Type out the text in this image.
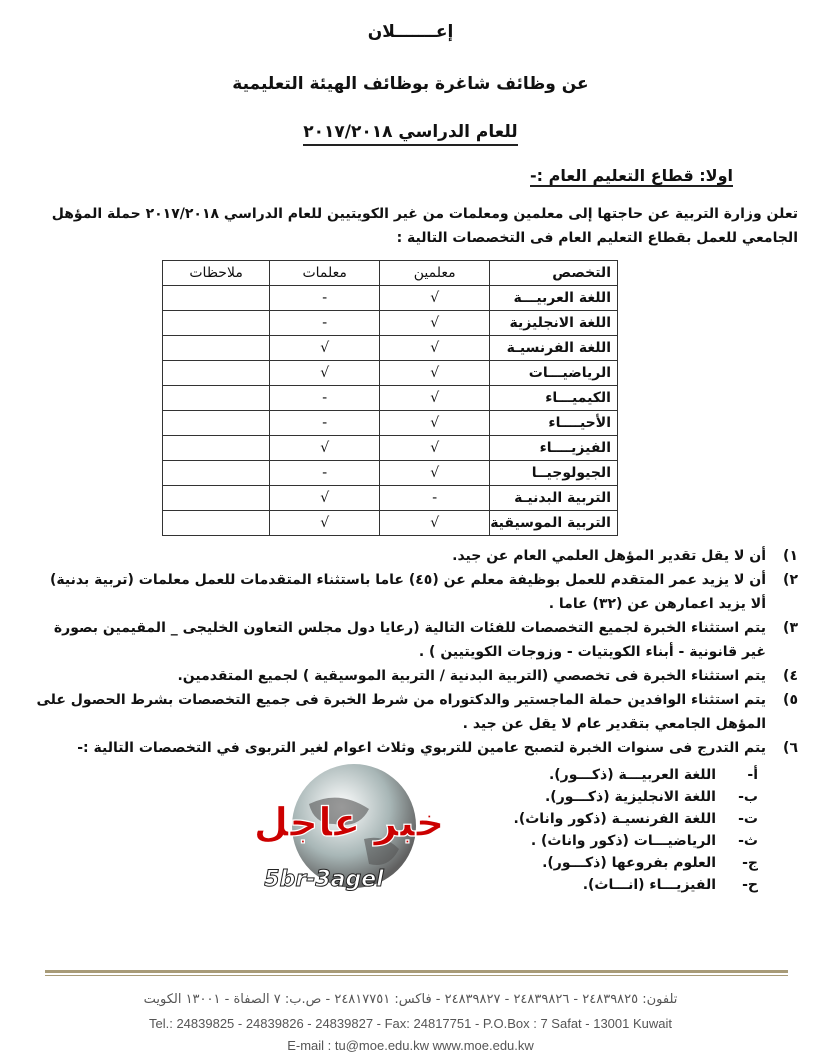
إعـــــــلان
عن وظائف شاغرة بوظائف الهيئة التعليمية
للعام الدراسي ٢٠١٧/٢٠١٨
اولا: قطاع التعليم العام :-
تعلن وزارة التربية عن حاجتها إلى معلمين ومعلمات من غير الكويتيين للعام الدراسي ٢٠١٧/٢٠١٨ حملة المؤهل الجامعي للعمل بقطاع التعليم العام فى التخصصات التالية :
التخصص	معلمين	معلمات	ملاحظات
اللغة العربيـــة	√	-	
اللغة الانجليزية	√	-	
اللغة الفرنسيـة	√	√	
الرياضيـــات	√	√	
الكيميـــاء	√	-	
الأحيــــاء	√	-	
الفيزيــــاء	√	√	
الجيولوجيــا	√	-	
التربية البدنيـة	-	√	
التربية الموسيقية	√	√	
١)
أن لا يقل تقدير المؤهل العلمي العام عن جيد.
٢)
أن لا يزيد عمر المتقدم للعمل بوظيفة معلم عن (٤٥) عاما باستثناء المتقدمات للعمل معلمات (تربية بدنية) ألا يزيد اعمارهن عن (٣٢) عاما .
٣)
يتم استثناء الخبرة لجميع التخصصات للفئات التالية (رعايا دول مجلس التعاون الخليجى _ المقيمين بصورة غير قانونية - أبناء الكويتيات - وزوجات الكويتيين ) .
٤)
يتم استثناء الخبرة فى تخصصي (التربية البدنية / التربية الموسيقية ) لجميع المتقدمين.
٥)
يتم استثناء الوافدين حملة الماجستير والدكتوراه من شرط الخبرة فى جميع التخصصات بشرط الحصول على المؤهل الجامعي بتقدير عام لا يقل عن جيد .
٦)
يتم التدرج فى سنوات الخبرة لتصبح عامين للتربوي وثلاث اعوام لغير التربوى في التخصصات التالية :-
أ-
اللغة العربيـــة (ذكـــور).
ب-
اللغة الانجليزية (ذكـــور).
ت-
اللغة الفرنسيـة (ذكور واناث).
ث-
الرياضيـــات (ذكور واناث) .
ج-
العلوم بفروعها (ذكـــور).
ح-
الفيزيـــاء (انـــاث).
خبر عاجل
5br-3agel
تلفون: ٢٤٨٣٩٨٢٥ - ٢٤٨٣٩٨٢٦ - ٢٤٨٣٩٨٢٧ - فاكس: ٢٤٨١٧٧٥١ - ص.ب: ٧ الصفاة - ١٣٠٠١ الكويت
Tel.: 24839825 - 24839826 - 24839827 - Fax: 24817751 - P.O.Box : 7 Safat - 13001 Kuwait
E-mail : tu@moe.edu.kw www.moe.edu.kw
